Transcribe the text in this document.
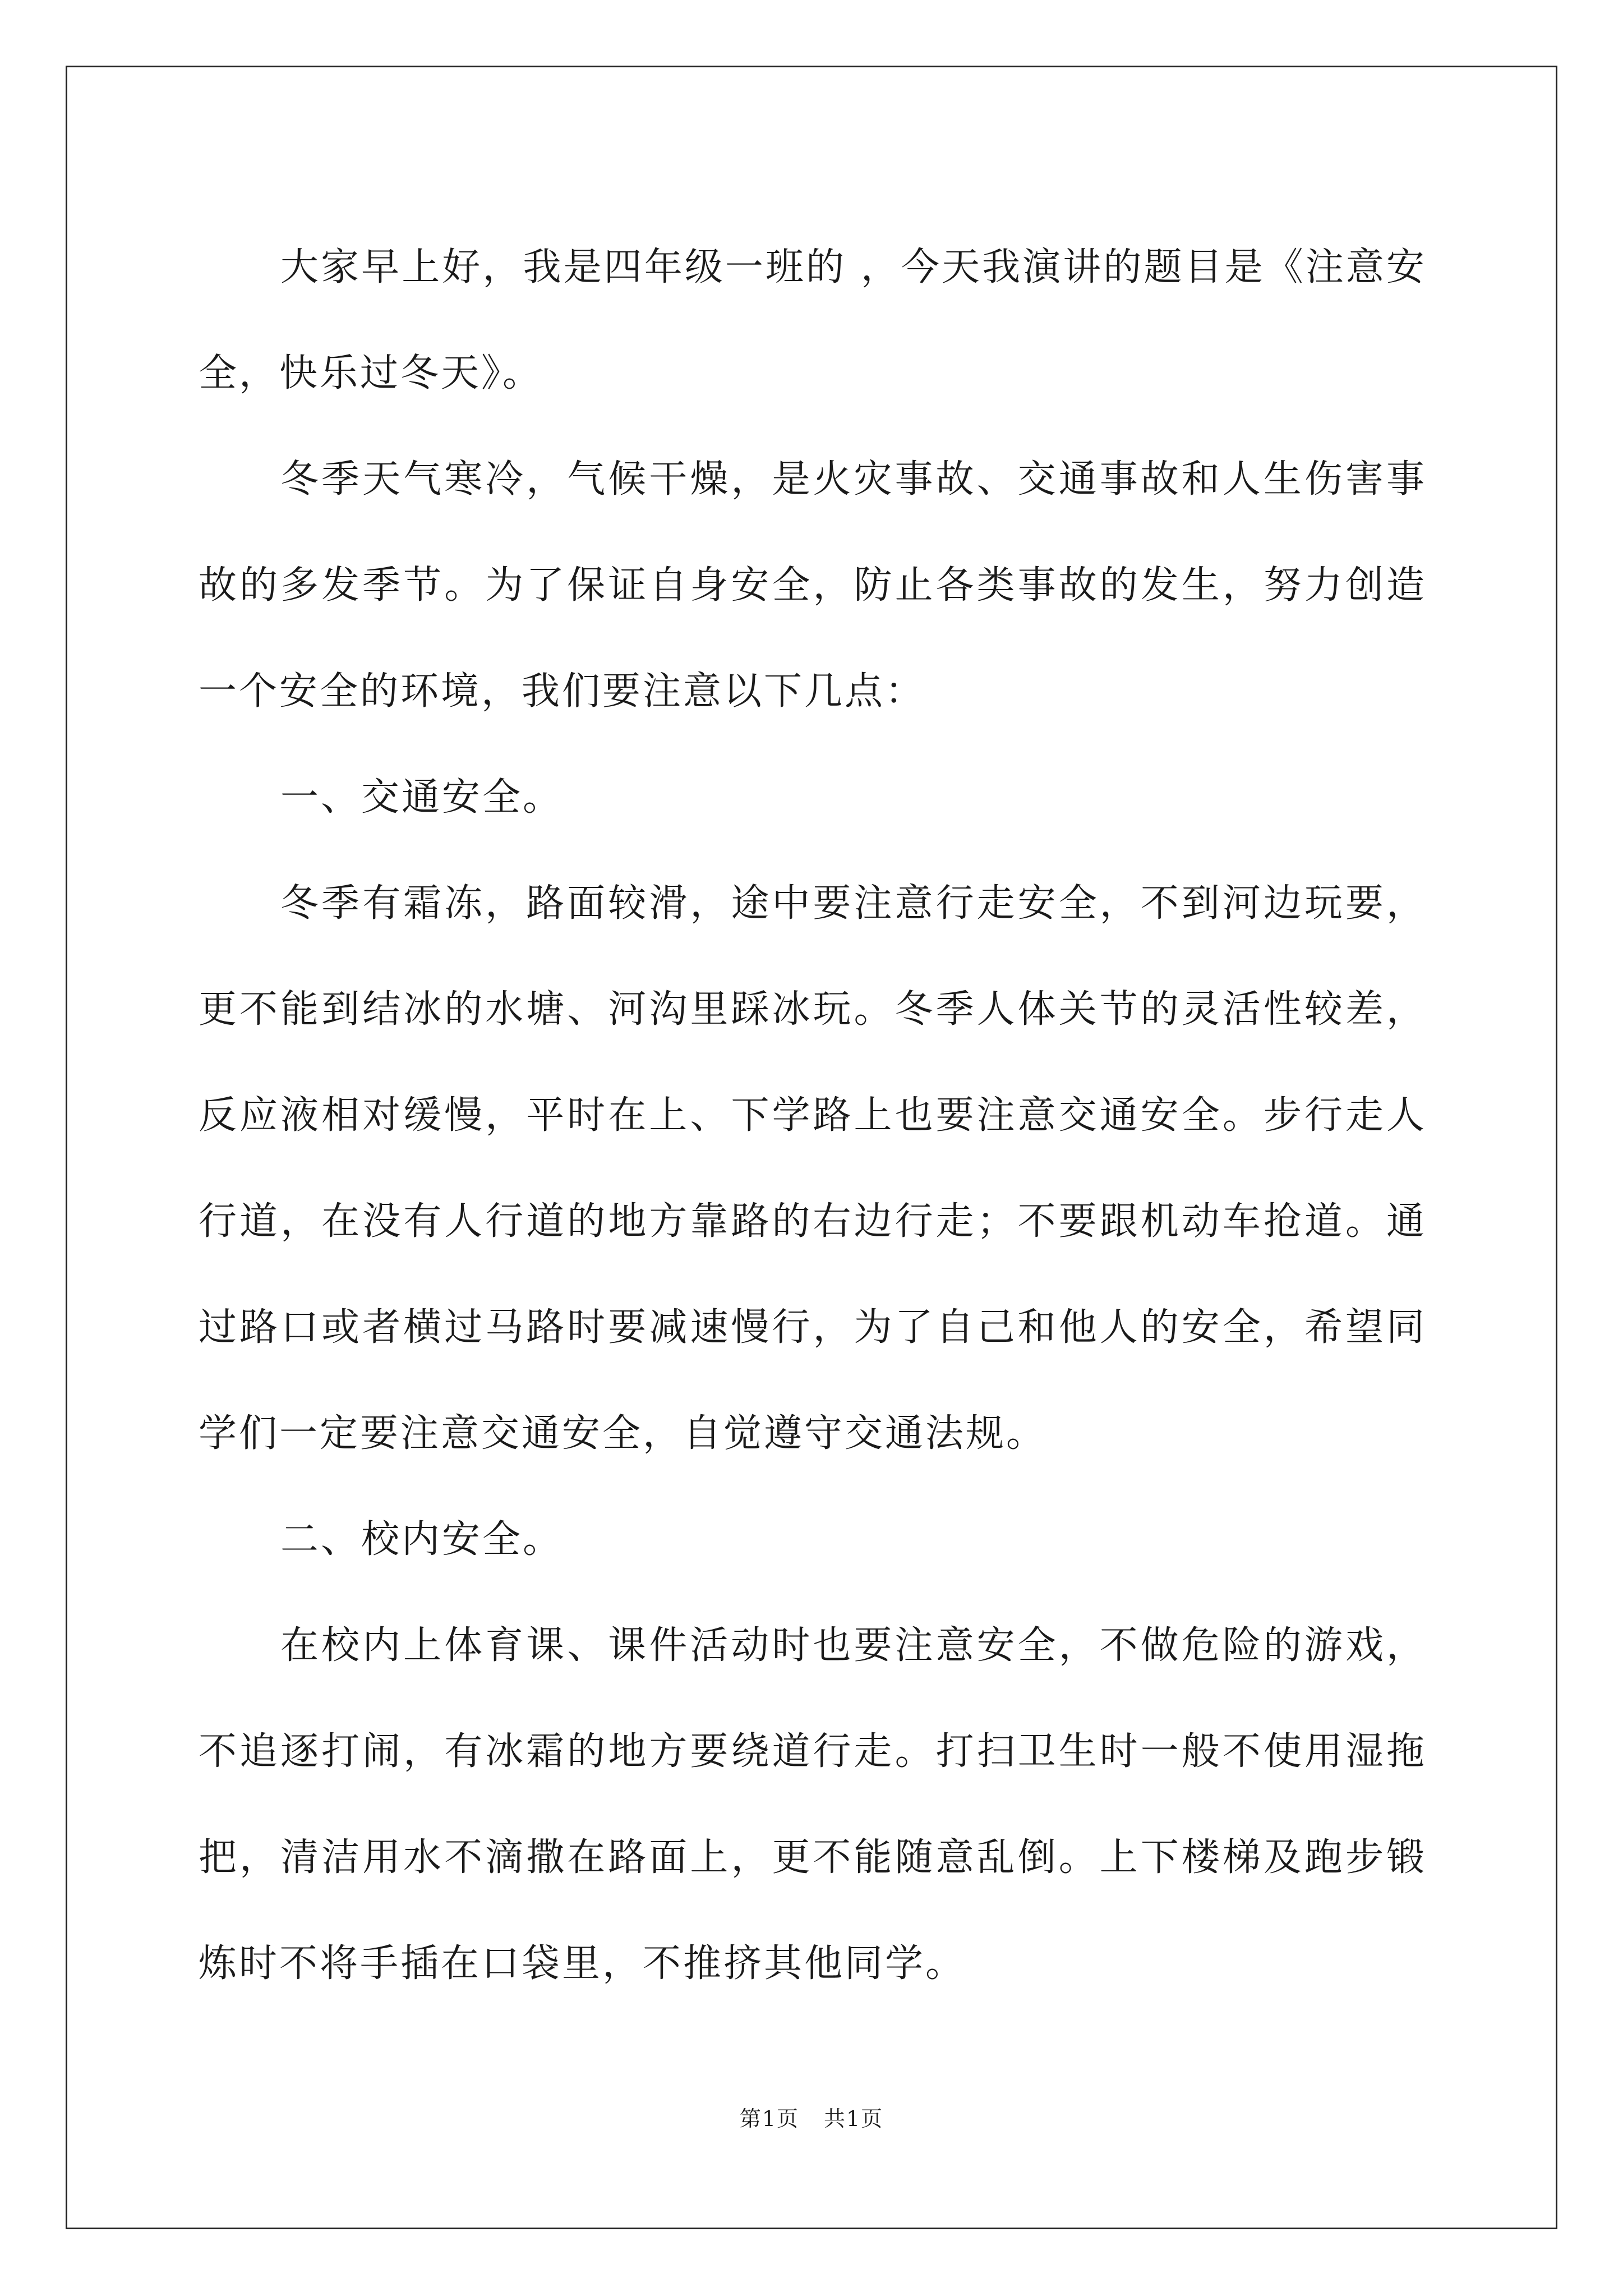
大家早上好，我是四年级一班的 ，今天我演讲的题目是《注意安全，快乐过冬天》。

冬季天气寒冷，气候干燥，是火灾事故、交通事故和人生伤害事故的多发季节。为了保证自身安全，防止各类事故的发生，努力创造一个安全的环境，我们要注意以下几点：

一、交通安全。

冬季有霜冻，路面较滑，途中要注意行走安全，不到河边玩要，更不能到结冰的水塘、河沟里踩冰玩。冬季人体关节的灵活性较差，反应液相对缓慢，平时在上、下学路上也要注意交通安全。步行走人行道，在没有人行道的地方靠路的右边行走；不要跟机动车抢道。通过路口或者横过马路时要减速慢行，为了自己和他人的安全，希望同学们一定要注意交通安全，自觉遵守交通法规。

二、校内安全。

在校内上体育课、课件活动时也要注意安全，不做危险的游戏，不追逐打闹，有冰霜的地方要绕道行走。打扫卫生时一般不使用湿拖把，清洁用水不滴撒在路面上，更不能随意乱倒。上下楼梯及跑步锻炼时不将手插在口袋里，不推挤其他同学。

第1页 共1页
